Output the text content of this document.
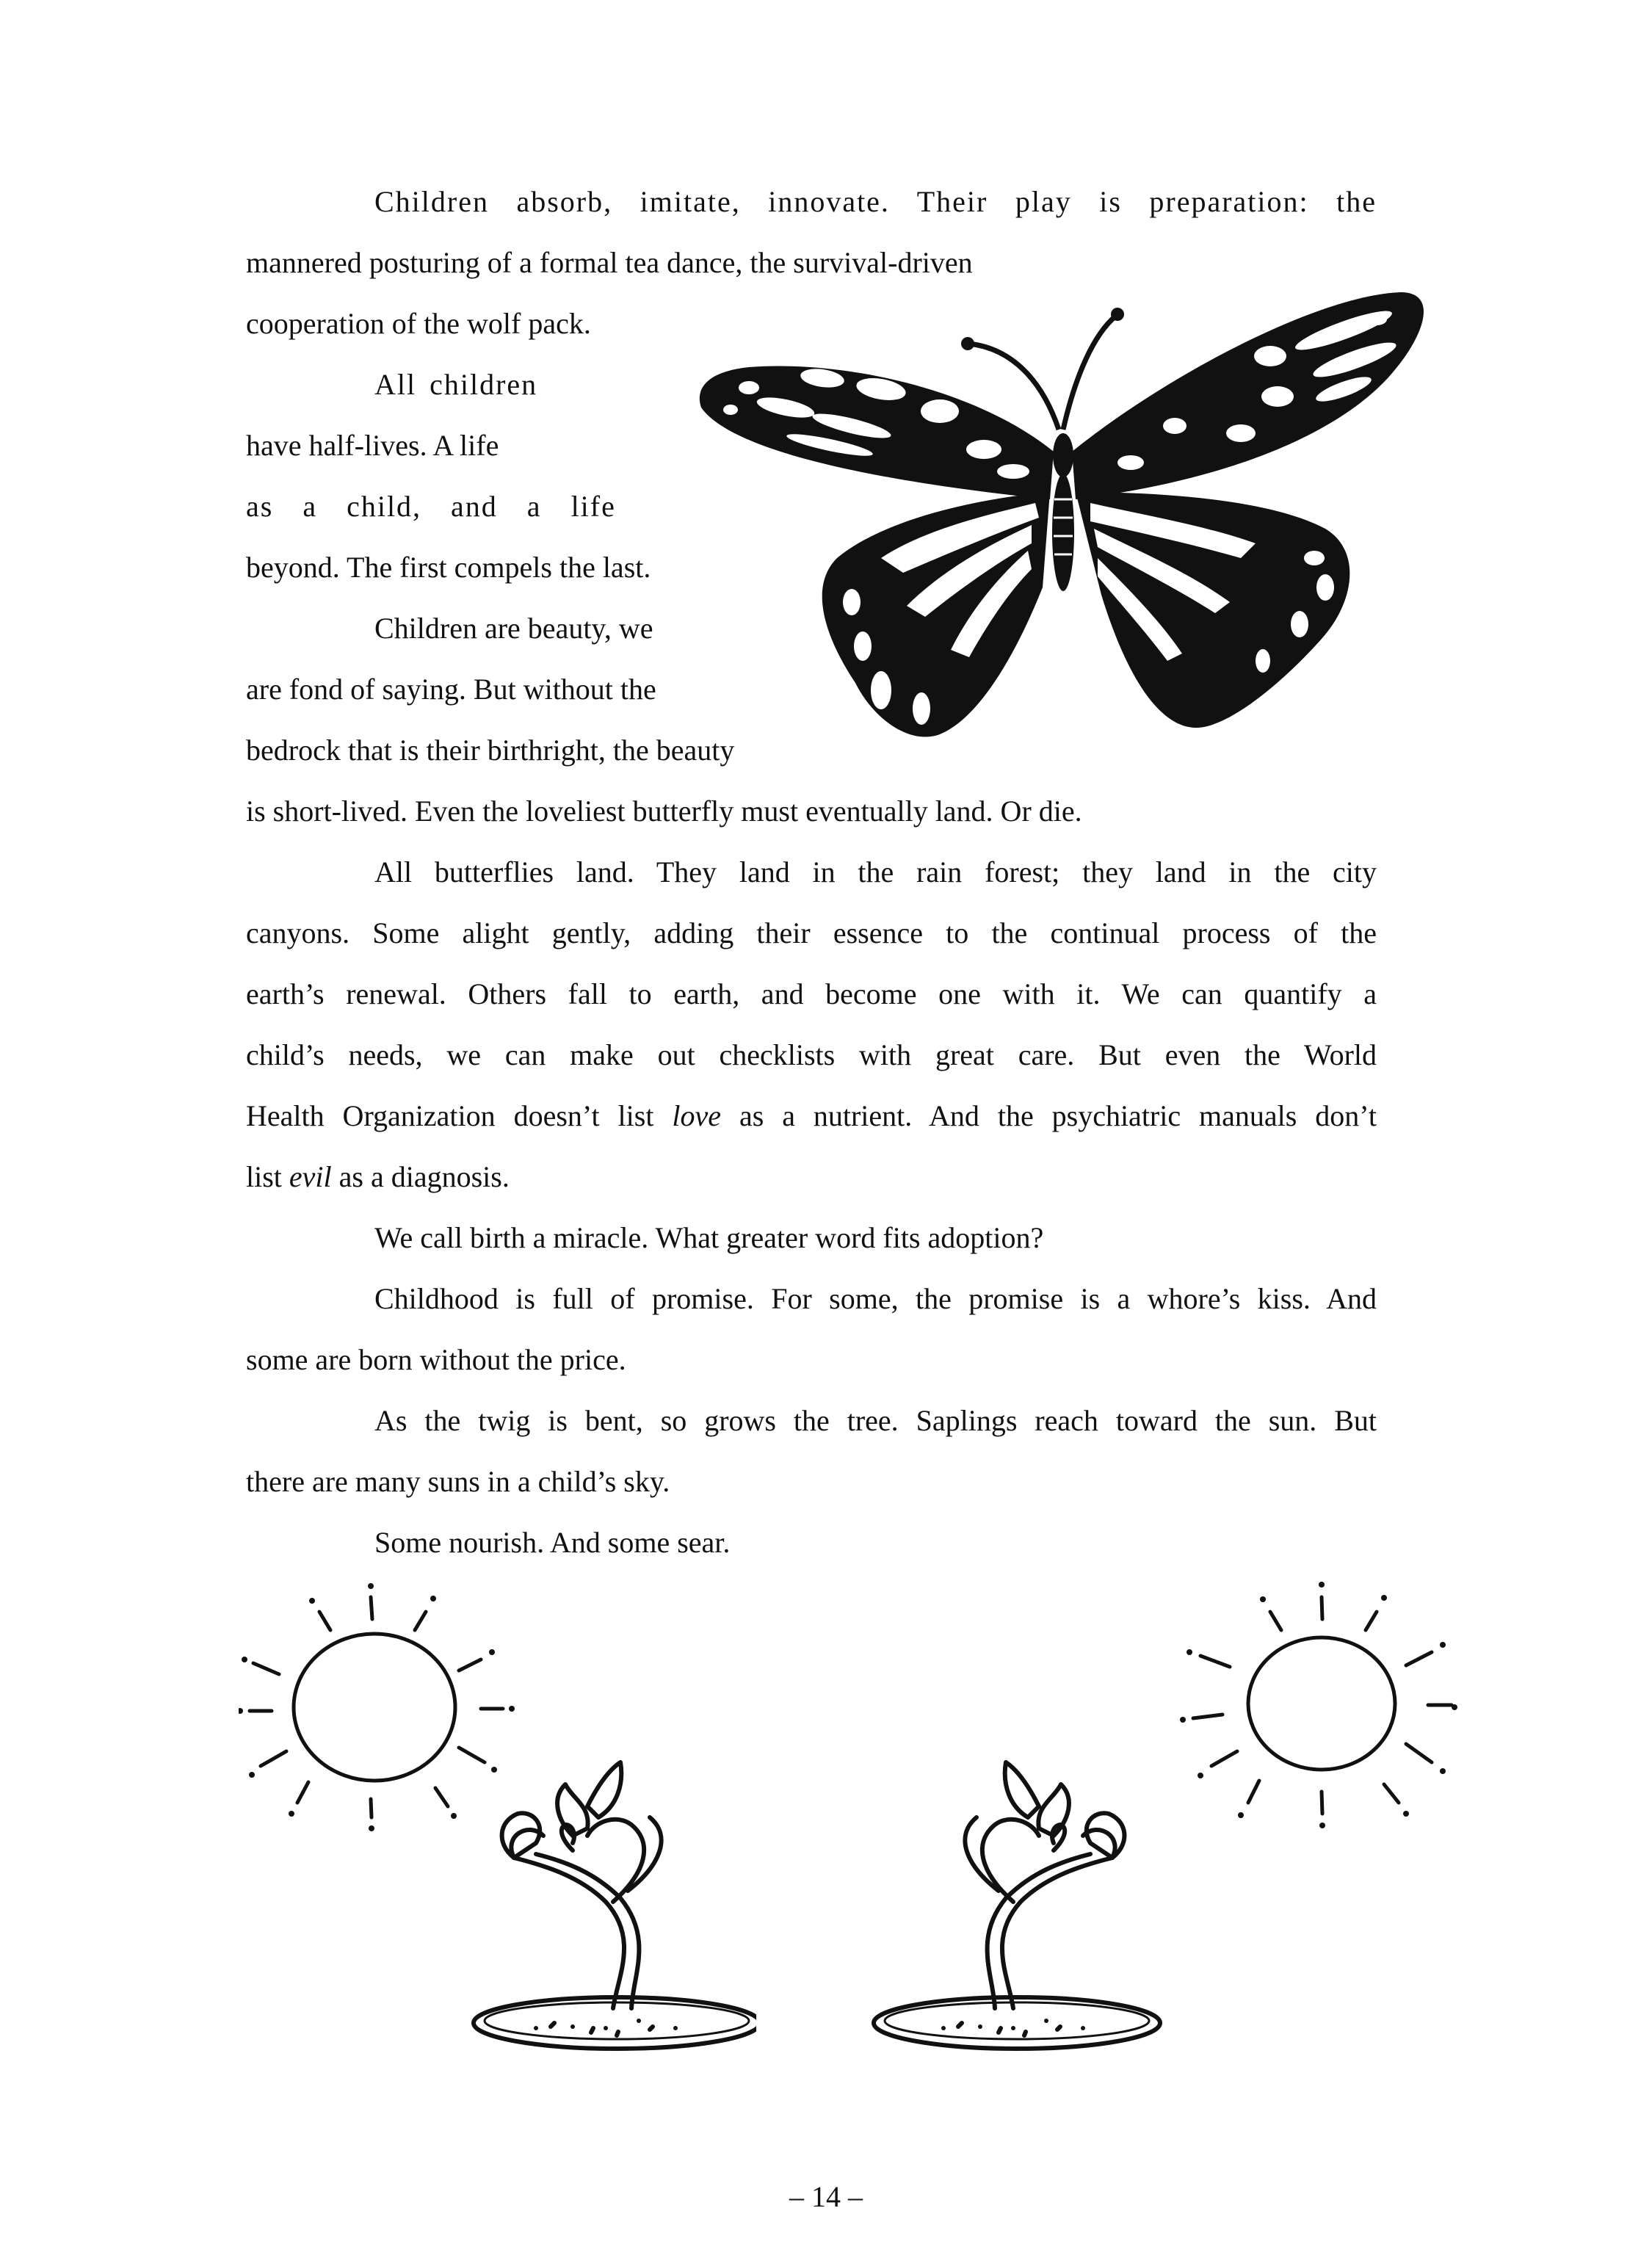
Children absorb, imitate, innovate. Their play is preparation: the
mannered posturing of a formal tea dance, the survival-driven
cooperation of the wolf pack.
All children
have half-lives. A life
as a child, and a life
beyond. The first compels the last.
Children are beauty, we
are fond of saying. But without the
bedrock that is their birthright, the beauty
is short-lived. Even the loveliest butterfly must eventually land. Or die.
All butterflies land. They land in the rain forest; they land in the city
canyons. Some alight gently, adding their essence to the continual process of the
earth’s renewal. Others fall to earth, and become one with it. We can quantify a
child’s needs, we can make out checklists with great care. But even the World
Health Organization doesn’t list love as a nutrient. And the psychiatric manuals don’t
list evil as a diagnosis.
We call birth a miracle. What greater word fits adoption?
Childhood is full of promise. For some, the promise is a whore’s kiss. And
some are born without the price.
As the twig is bent, so grows the tree. Saplings reach toward the sun. But
there are many suns in a child’s sky.
Some nourish. And some sear.
– 14 –
